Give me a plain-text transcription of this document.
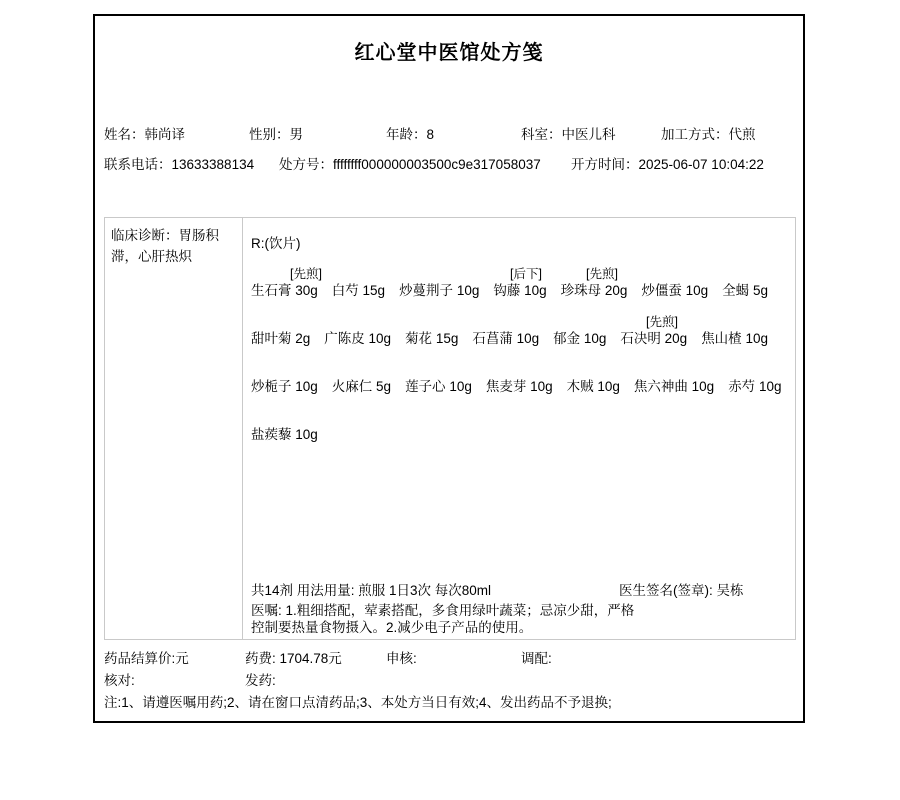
红心堂中医馆处方笺
姓名：韩尚译	性别：男	年龄：8	科室：中医儿科	加工方式：代煎
联系电话：13633388134 处方号：ffffffff000000003500c9e317058037 开方时间：2025-06-07 10:04:22
临床诊断：胃肠积滞，心肝热炽
R:(饮片)
[先煎]	[后下]	[先煎]
生石膏 30g 白芍 15g 炒蔓荆子 10g 钩藤 10g 珍珠母 20g 炒僵蚕 10g 全蝎 5g
[先煎]
甜叶菊 2g 广陈皮 10g 菊花 15g 石菖蒲 10g 郁金 10g 石决明 20g 焦山楂 10g
炒栀子 10g 火麻仁 5g 莲子心 10g 焦麦芽 10g 木贼 10g 焦六神曲 10g 赤芍 10g
盐蒺藜 10g
共14剂 用法用量: 煎服 1日3次 每次80ml	医生签名(签章): 吴栋
医嘱: 1.粗细搭配，荤素搭配，多食用绿叶蔬菜；忌凉少甜，严格控制要热量食物摄入。2.减少电子产品的使用。
药品结算价:元	药费: 1704.78元	申核:	调配:
核对:	发药:
注:1、请遵医嘱用药;2、请在窗口点清药品;3、本处方当日有效;4、发出药品不予退换;
